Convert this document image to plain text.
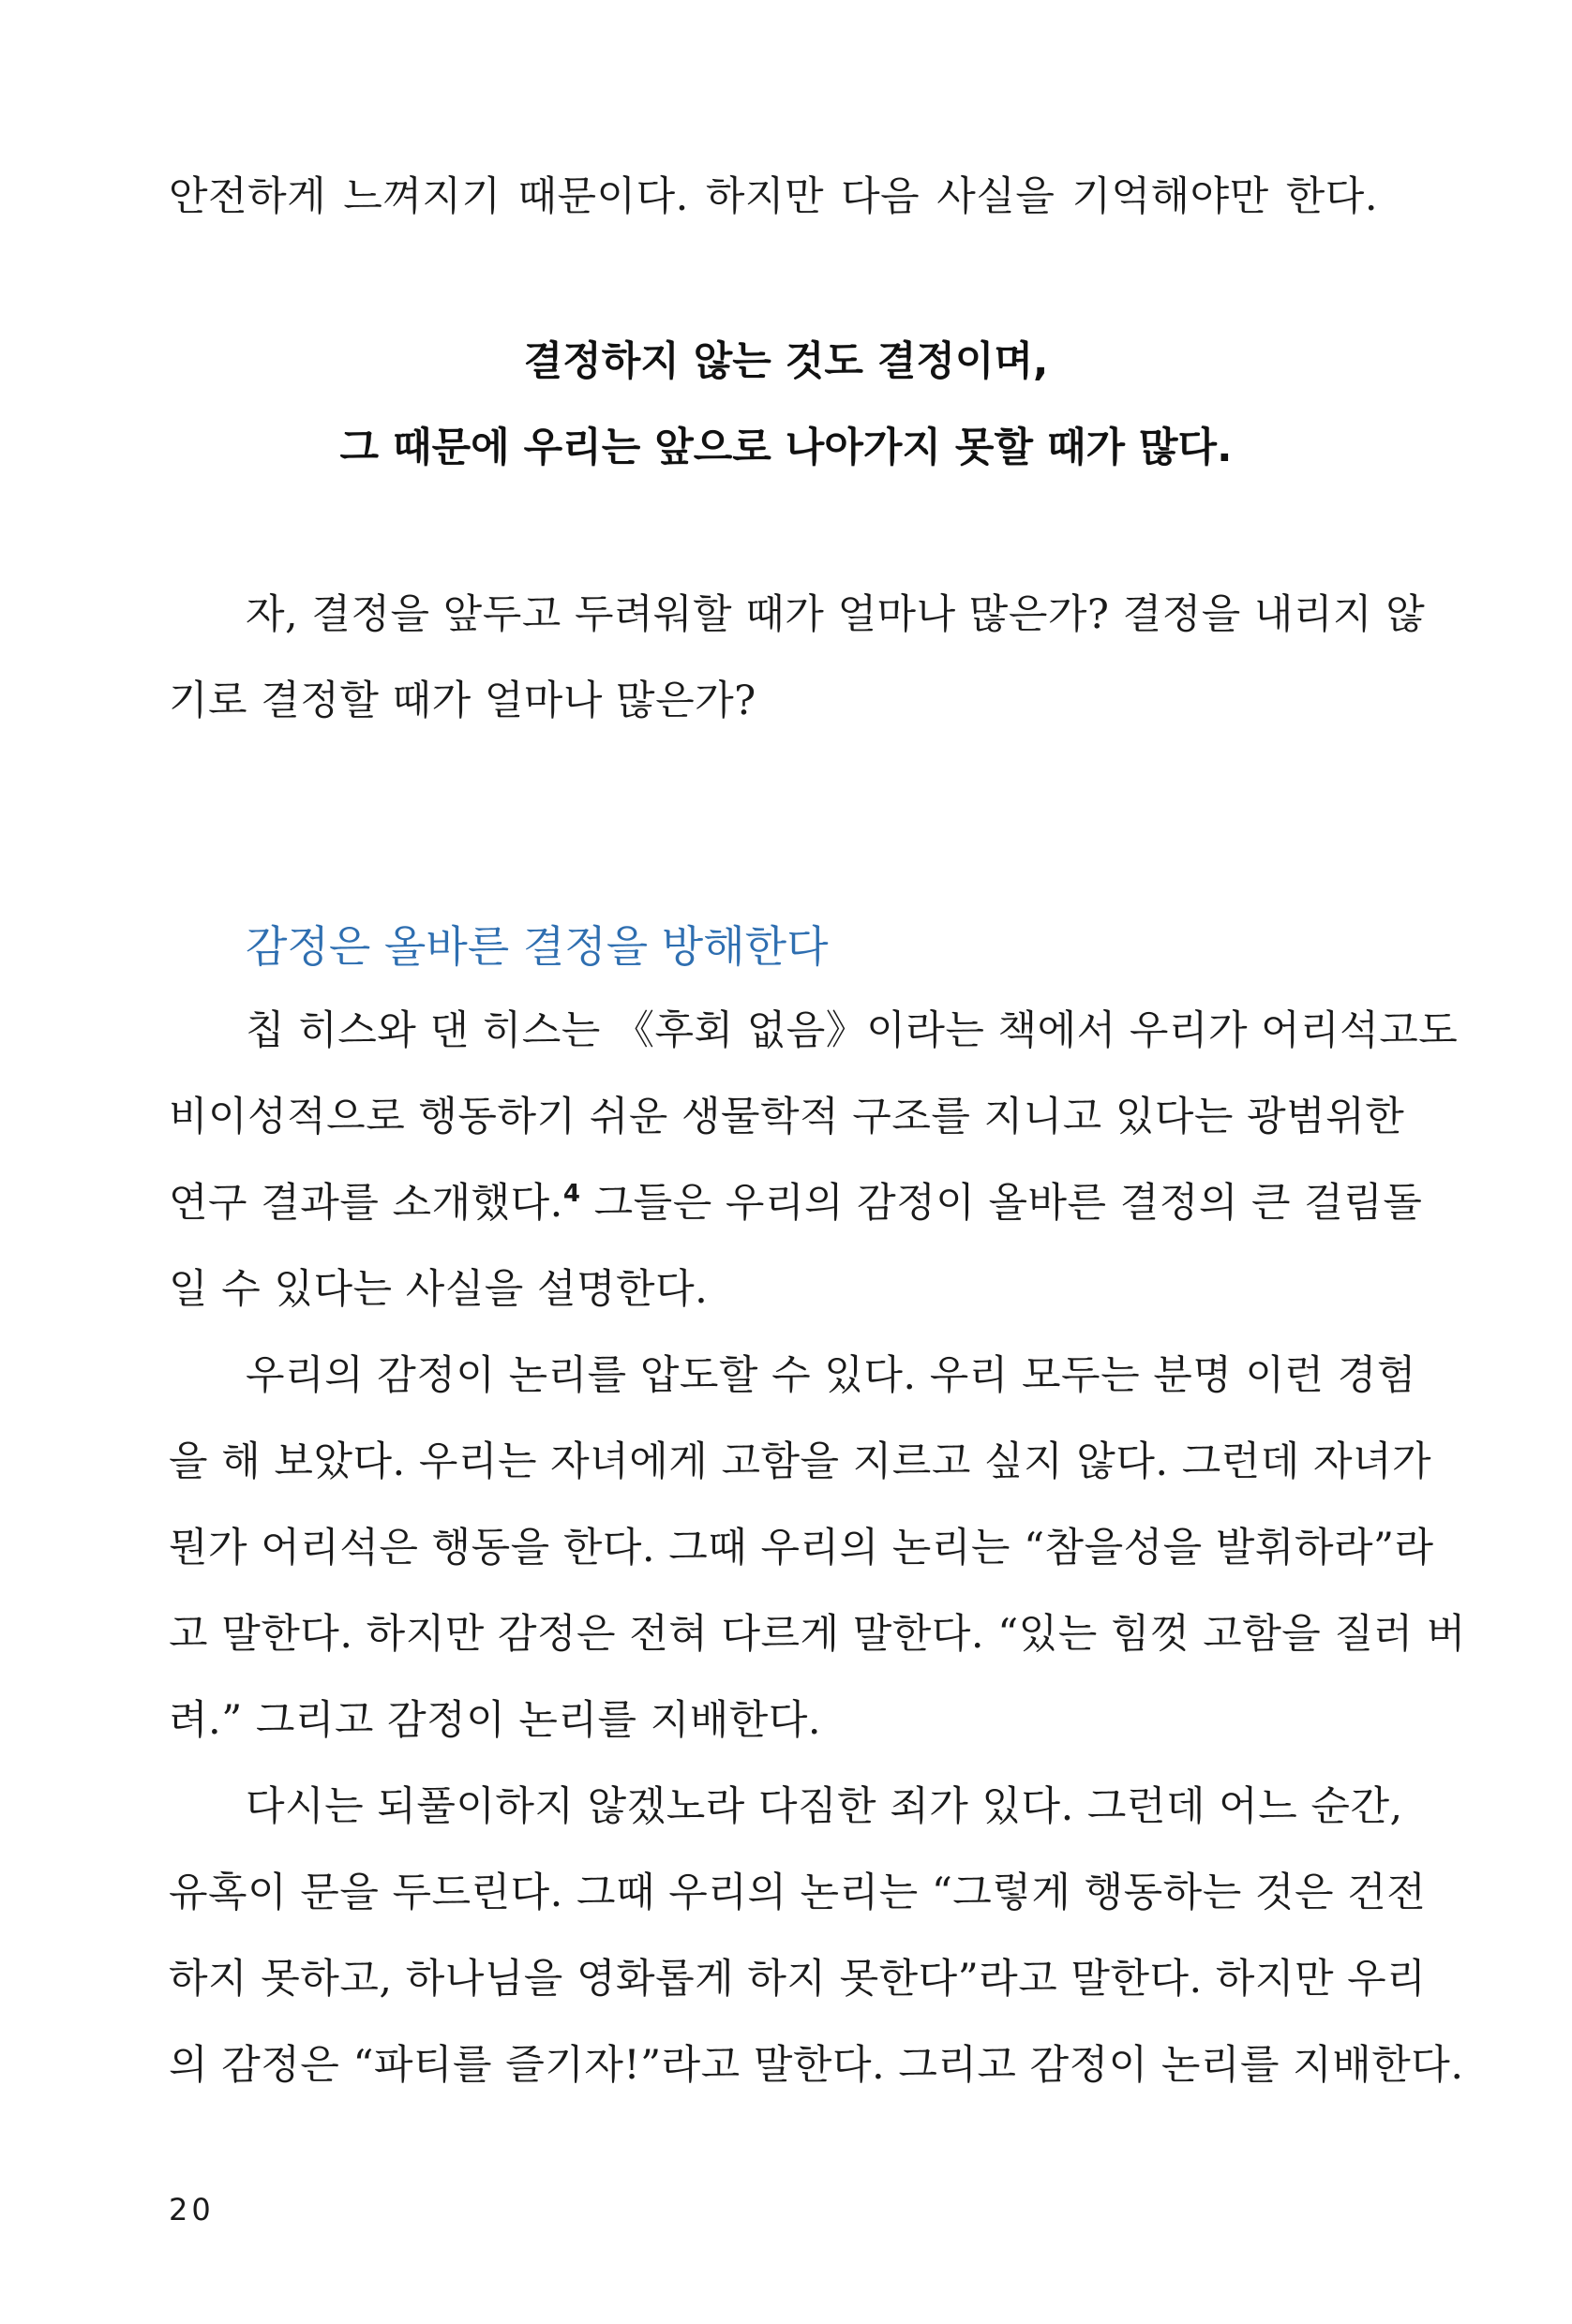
안전하게 느껴지기 때문이다. 하지만 다음 사실을 기억해야만 한다.
결정하지 않는 것도 결정이며,
그 때문에 우리는 앞으로 나아가지 못할 때가 많다.
자, 결정을 앞두고 두려워할 때가 얼마나 많은가? 결정을 내리지 않
기로 결정할 때가 얼마나 많은가?
감정은 올바른 결정을 방해한다
칩 히스와 댄 히스는 《후회 없음》이라는 책에서 우리가 어리석고도
비이성적으로 행동하기 쉬운 생물학적 구조를 지니고 있다는 광범위한
연구 결과를 소개했다.$^4$ 그들은 우리의 감정이 올바른 결정의 큰 걸림돌
일 수 있다는 사실을 설명한다.
우리의 감정이 논리를 압도할 수 있다. 우리 모두는 분명 이런 경험
을 해 보았다. 우리는 자녀에게 고함을 지르고 싶지 않다. 그런데 자녀가
뭔가 어리석은 행동을 한다. 그때 우리의 논리는 “참을성을 발휘하라”라
고 말한다. 하지만 감정은 전혀 다르게 말한다. “있는 힘껏 고함을 질러 버
려.” 그리고 감정이 논리를 지배한다.
다시는 되풀이하지 않겠노라 다짐한 죄가 있다. 그런데 어느 순간,
유혹이 문을 두드린다. 그때 우리의 논리는 “그렇게 행동하는 것은 건전
하지 못하고, 하나님을 영화롭게 하지 못한다”라고 말한다. 하지만 우리
의 감정은 “파티를 즐기자!”라고 말한다. 그리고 감정이 논리를 지배한다.
20
